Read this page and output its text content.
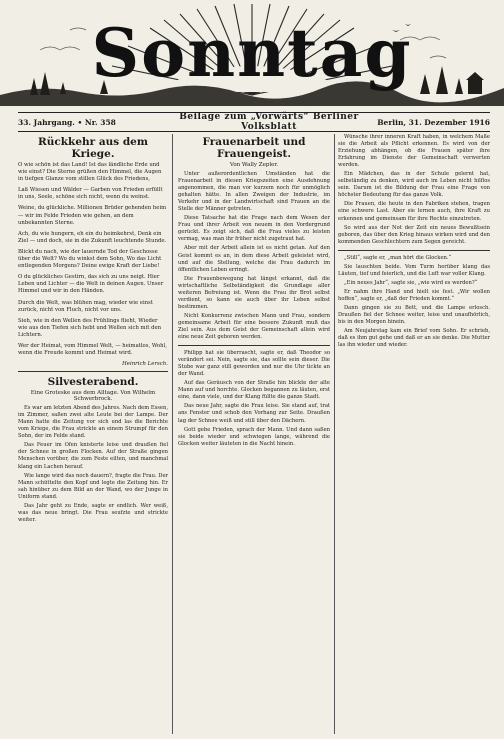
Sonntag
33. Jahrgang. • Nr. 358	Beilage zum „Vorwärts“ Berliner Volksblatt	Berlin, 31. Dezember 1916
Rückkehr aus dem Kriege.

O wie schön ist das Land! Ist das ländliche Erde und wie einst? Die Sterne grüßen den Himmel, die Augen in tiefgen Glanze vom stillen Glück des Friedens,

Laß Wiesen und Wälder — Garben von Frieden erfüllt in uns, Seele, schöne sich nicht, wenn du weinst.

Weine, du glückliche. Millionen Brüder gehenden heim — wir im Felde Frieden wie gehen, an dem unbekannten Sterne.

Ach, du wie hungern, eh ein du heimkehrst, Denk ein Ziel — und doch, sie in die Zukunft leuchtende Stunde.

Blickt du nach, wie der lauernde Tod der Geschosse über die Welt? Wo du winkst dem Sohn, Wo das Licht entlegenden Morgens? Deine ewige Kraft der Liebe!

O du glückliches Gestirn, das sich zu uns neigt. Hier Leben und Lichter — die Welt in deinen Augen. Unser Himmel und wir in den Händen.

Durch die Welt, was blühen mag, wieder wie einst zurück, nicht von Fluch, nicht vor uns.

Sieh, wie in den Wellen des Frühlings flieht, Wieder wie aus den Tiefen sich hebt und Wellen sich mit den Lichtern.

Wer der Heimat, vom Himmel Welt, — heimatlos, Wohl, wenn die Freude kommt und Heimat wird.

Heinrich Lersch.
Silvesterabend.
Eine Groteske aus dem Alltage. Von Wilhelm Schwerbrock.

Es war am letzten Abend des Jahres. Nach dem Essen, im Zimmer, saßen zwei alte Leute bei der Lampe. Der Mann hatte die Zeitung vor sich und las die Berichte vom Kriege, die Frau strickte an einem Strumpf für den Sohn, der im Felde stand.

Das Feuer im Ofen knisterte leise und draußen fiel der Schnee in großen Flocken. Auf der Straße gingen Menschen vorüber, die zum Feste eilten, und manchmal klang ein Lachen herauf.

Wie lange wird das noch dauern?, fragte die Frau. Der Mann schüttelte den Kopf und legte die Zeitung hin. Er sah hinüber zu dem Bild an der Wand, wo der Junge in Uniform stand.

Das Jahr geht zu Ende, sagte er endlich. Wer weiß, was das neue bringt. Die Frau seufzte und strickte weiter.

Frauenarbeit und Frauengeist.
Von Wally Zepler.

Unter außerordentlichen Umständen hat die Frauenarbeit in diesen Kriegszeiten eine Ausdehnung angenommen, die man vor kurzem noch für unmöglich gehalten hätte. In allen Zweigen der Industrie, im Verkehr und in der Landwirtschaft sind Frauen an die Stelle der Männer getreten.

Diese Tatsache hat die Frage nach dem Wesen der Frau und ihrer Arbeit von neuem in den Vordergrund gerückt. Es zeigt sich, daß die Frau vieles zu leisten vermag, was man ihr früher nicht zugetraut hat.

Aber mit der Arbeit allein ist es nicht getan. Auf den Geist kommt es an, in dem diese Arbeit geleistet wird, und auf die Stellung, welche die Frau dadurch im öffentlichen Leben erringt.

Die Frauenbewegung hat längst erkannt, daß die wirtschaftliche Selbständigkeit die Grundlage aller weiteren Befreiung ist. Wenn die Frau ihr Brot selbst verdient, so kann sie auch über ihr Leben selbst bestimmen.

Nicht Konkurrenz zwischen Mann und Frau, sondern gemeinsame Arbeit für eine bessere Zukunft muß das Ziel sein. Aus dem Geist der Gemeinschaft allein wird eine neue Zeit geboren werden.

Philipp hat sie überrascht, sagte er, daß Theodor so verändert sei. Nein, sagte sie, das sollte sein dieser. Die Stube war ganz still geworden und nur die Uhr tickte an der Wand.

Auf das Geräusch von der Straße hin blickte der alte Mann auf und horchte. Glocken begannen zu läuten, erst eine, dann viele, und der Klang füllte die ganze Stadt.

Das neue Jahr, sagte die Frau leise. Sie stand auf, trat ans Fenster und schob den Vorhang zur Seite. Draußen lag der Schnee weiß und still über den Dächern.

Gott gebe Frieden, sprach der Mann. Und dann saßen sie beide wieder und schwiegen lange, während die Glocken weiter läuteten in die Nacht hinein.

Wünsche ihrer inneren Kraft haben, in welchem Maße sie die Arbeit als Pflicht erkennen. Es wird von der Erziehung abhängen, ob die Frauen später ihre Erfahrung im Dienste der Gemeinschaft verwerten werden.

Ein Mädchen, das in der Schule gelernt hat, selbständig zu denken, wird auch im Leben nicht hilflos sein. Darum ist die Bildung der Frau eine Frage von höchster Bedeutung für das ganze Volk.

Die Frauen, die heute in den Fabriken stehen, tragen eine schwere Last. Aber sie lernen auch, ihre Kraft zu erkennen und gemeinsam für ihre Rechte einzutreten.

So wird aus der Not der Zeit ein neues Bewußtsein geboren, das über den Krieg hinaus wirken wird und den kommenden Geschlechtern zum Segen gereicht.

„Still“, sagte er, „man hört die Glocken.“

Sie lauschten beide. Vom Turm herüber klang das Läuten, tief und feierlich, und die Luft war voller Klang.

„Ein neues Jahr“, sagte sie, „wie wird es werden?“

Er nahm ihre Hand und hielt sie fest. „Wir wollen hoffen“, sagte er, „daß der Frieden kommt.“

Dann gingen sie zu Bett, und die Lampe erlosch. Draußen fiel der Schnee weiter, leise und unaufhörlich, bis in den Morgen hinein.

Am Neujahrstag kam ein Brief vom Sohn. Er schrieb, daß es ihm gut gehe und daß er an sie denke. Die Mutter las ihn wieder und wieder.
